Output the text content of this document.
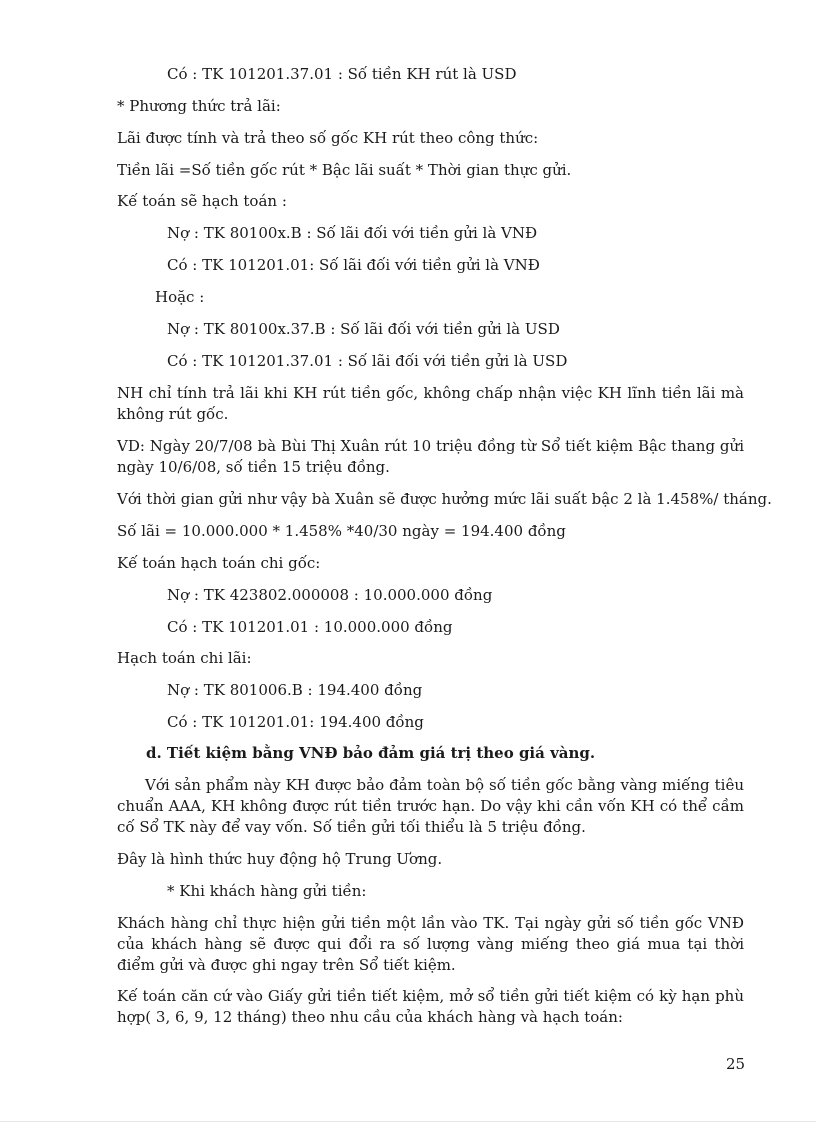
Có : TK 101201.37.01 : Số tiền KH rút là USD
* Phương thức trả lãi:
Lãi được tính và trả theo số gốc KH rút theo công thức:
Tiền lãi =Số tiền gốc rút * Bậc lãi suất * Thời gian thực gửi.
Kế toán sẽ hạch toán :
Nợ : TK 80100x.B : Số lãi đối với tiền gửi là VNĐ
Có : TK 101201.01: Số lãi đối với tiền gửi là VNĐ
Hoặc :
Nợ : TK 80100x.37.B : Số lãi đối với tiền gửi là USD
Có : TK 101201.37.01 : Số lãi đối với tiền gửi là USD
NH chỉ tính trả lãi khi KH rút tiền gốc, không chấp nhận việc KH lĩnh tiền lãi mà không rút gốc.
VD: Ngày 20/7/08 bà Bùi Thị Xuân rút 10 triệu đồng từ Sổ tiết kiệm Bậc thang gửi ngày 10/6/08, số tiền 15 triệu đồng.
Với thời gian gửi như vậy bà Xuân sẽ được hưởng mức lãi suất bậc 2 là 1.458%/ tháng.
Số lãi = 10.000.000 * 1.458% *40/30 ngày = 194.400 đồng
Kế toán hạch toán chi gốc:
Nợ : TK 423802.000008 : 10.000.000 đồng
Có : TK 101201.01 : 10.000.000 đồng
Hạch toán chi lãi:
Nợ : TK 801006.B : 194.400 đồng
Có : TK 101201.01: 194.400 đồng
d. Tiết kiệm bằng VNĐ bảo đảm giá trị theo giá vàng.
Với sản phẩm này KH được bảo đảm toàn bộ số tiền gốc bằng vàng miếng tiêu chuẩn AAA, KH không được rút tiền trước hạn. Do vậy khi cần vốn KH có thể cầm cố Sổ TK này để vay vốn. Số tiền gửi tối thiểu là 5 triệu đồng.
Đây là hình thức huy động hộ Trung Ương.
* Khi khách hàng gửi tiền:
Khách hàng chỉ thực hiện gửi tiền một lần vào TK. Tại ngày gửi số tiền gốc VNĐ của khách hàng sẽ được qui đổi ra số lượng vàng miếng theo giá mua tại thời điểm gửi và được ghi ngay trên Sổ tiết kiệm.
Kế toán căn cứ vào Giấy gửi tiền tiết kiệm, mở sổ tiền gửi tiết kiệm có kỳ hạn phù hợp( 3, 6, 9, 12 tháng) theo nhu cầu của khách hàng và hạch toán:
25
